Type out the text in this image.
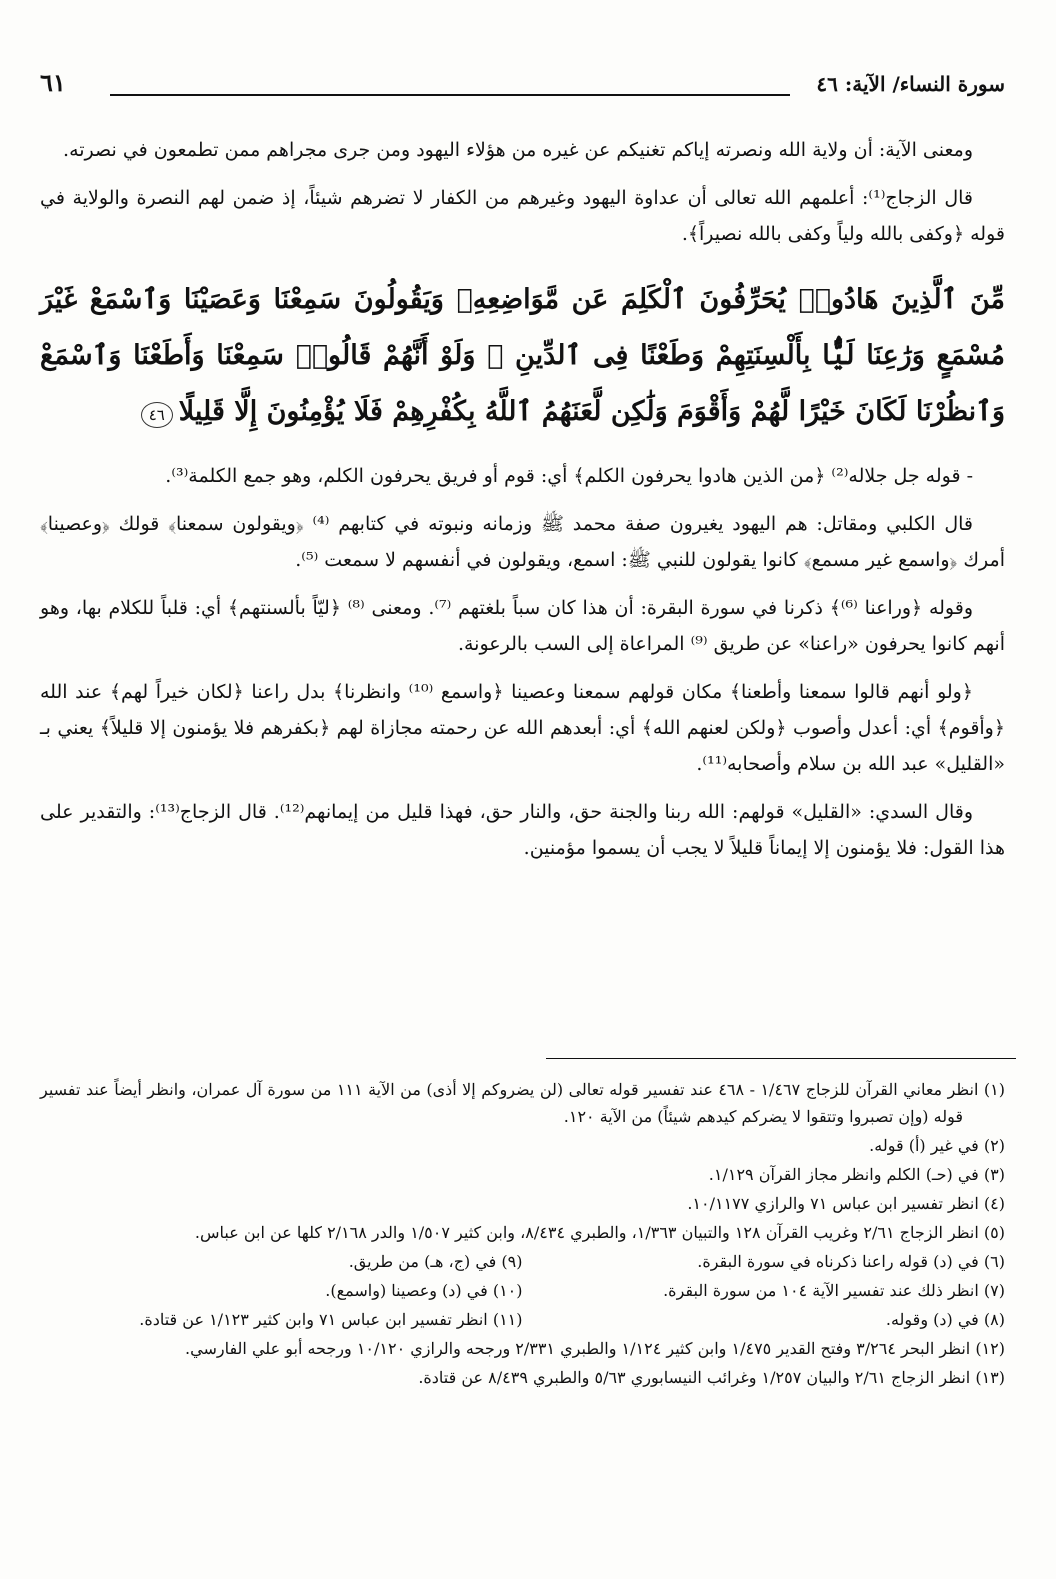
سورة النساء/ الآية: ٤٦
٦١

ومعنى الآية: أن ولاية الله ونصرته إياكم تغنيكم عن غيره من هؤلاء اليهود ومن جرى مجراهم ممن تطمعون في نصرته.

قال الزجاج⁽¹⁾: أعلمهم الله تعالى أن عداوة اليهود وغيرهم من الكفار لا تضرهم شيئاً، إذ ضمن لهم النصرة والولاية في قوله ﴿وكفى بالله ولياً وكفى بالله نصيراً﴾.

مِّنَ ٱلَّذِينَ هَادُوا۟ يُحَرِّفُونَ ٱلْكَلِمَ عَن مَّوَاضِعِهِۦ وَيَقُولُونَ سَمِعْنَا وَعَصَيْنَا وَٱسْمَعْ غَيْرَ مُسْمَعٍ وَرَٰعِنَا لَيًّۢا بِأَلْسِنَتِهِمْ وَطَعْنًا فِى ٱلدِّينِ ۚ وَلَوْ أَنَّهُمْ قَالُوا۟ سَمِعْنَا وَأَطَعْنَا وَٱسْمَعْ وَٱنظُرْنَا لَكَانَ خَيْرًا لَّهُمْ وَأَقْوَمَ وَلَٰكِن لَّعَنَهُمُ ٱللَّهُ بِكُفْرِهِمْ فَلَا يُؤْمِنُونَ إِلَّا قَلِيلًا٤٦

- قوله جل جلاله⁽²⁾ ﴿من الذين هادوا يحرفون الكلم﴾ أي: قوم أو فريق يحرفون الكلم، وهو جمع الكلمة⁽³⁾.

قال الكلبي ومقاتل: هم اليهود يغيرون صفة محمد ﷺ وزمانه ونبوته في كتابهم ⁽⁴⁾ ﴿ويقولون سمعنا﴾ قولك ﴿وعصينا﴾ أمرك ﴿واسمع غير مسمع﴾ كانوا يقولون للنبي ﷺ: اسمع، ويقولون في أنفسهم لا سمعت ⁽⁵⁾.

وقوله ﴿وراعنا ⁽⁶⁾﴾ ذكرنا في سورة البقرة: أن هذا كان سباً بلغتهم ⁽⁷⁾. ومعنى ⁽⁸⁾ ﴿ليّاً بألسنتهم﴾ أي: قلباً للكلام بها، وهو أنهم كانوا يحرفون «راعنا» عن طريق ⁽⁹⁾ المراعاة إلى السب بالرعونة.

﴿ولو أنهم قالوا سمعنا وأطعنا﴾ مكان قولهم سمعنا وعصينا ﴿واسمع ⁽¹⁰⁾ وانظرنا﴾ بدل راعنا ﴿لكان خيراً لهم﴾ عند الله ﴿وأقوم﴾ أي: أعدل وأصوب ﴿ولكن لعنهم الله﴾ أي: أبعدهم الله عن رحمته مجازاة لهم ﴿بكفرهم فلا يؤمنون إلا قليلاً﴾ يعني بـ «القليل» عبد الله بن سلام وأصحابه⁽¹¹⁾.

وقال السدي: «القليل» قولهم: الله ربنا والجنة حق، والنار حق، فهذا قليل من إيمانهم⁽¹²⁾. قال الزجاج⁽¹³⁾: والتقدير على هذا القول: فلا يؤمنون إلا إيماناً قليلاً لا يجب أن يسموا مؤمنين.

(١) انظر معاني القرآن للزجاج ١/٤٦٧ - ٤٦٨ عند تفسير قوله تعالى (لن يضروكم إلا أذى) من الآية ١١١ من سورة آل عمران، وانظر أيضاً عند تفسير قوله (وإن تصبروا وتتقوا لا يضركم كيدهم شيئاً) من الآية ١٢٠.
(٢) في غير (أ) قوله.
(٣) في (حـ) الكلم وانظر مجاز القرآن ١/١٢٩.
(٤) انظر تفسير ابن عباس ٧١ والرازي ١٠/١١٧٧.
(٥) انظر الزجاج ٢/٦١ وغريب القرآن ١٢٨ والتبيان ١/٣٦٣، والطبري ٨/٤٣٤، وابن كثير ١/٥٠٧ والدر ٢/١٦٨ كلها عن ابن عباس.
(٦) في (د) قوله راعنا ذكرناه في سورة البقرة.
(٧) انظر ذلك عند تفسير الآية ١٠٤ من سورة البقرة.
(٨) في (د) وقوله.
(٩) في (ج، هـ) من طريق.
(١٠) في (د) وعصينا (واسمع).
(١١) انظر تفسير ابن عباس ٧١ وابن كثير ١/١٢٣ عن قتادة.
(١٢) انظر البحر ٣/٢٦٤ وفتح القدير ١/٤٧٥ وابن كثير ١/١٢٤ والطبري ٢/٣٣١ ورجحه والرازي ١٠/١٢٠ ورجحه أبو علي الفارسي.
(١٣) انظر الزجاج ٢/٦١ والبيان ١/٢٥٧ وغرائب النيسابوري ٥/٦٣ والطبري ٨/٤٣٩ عن قتادة.
